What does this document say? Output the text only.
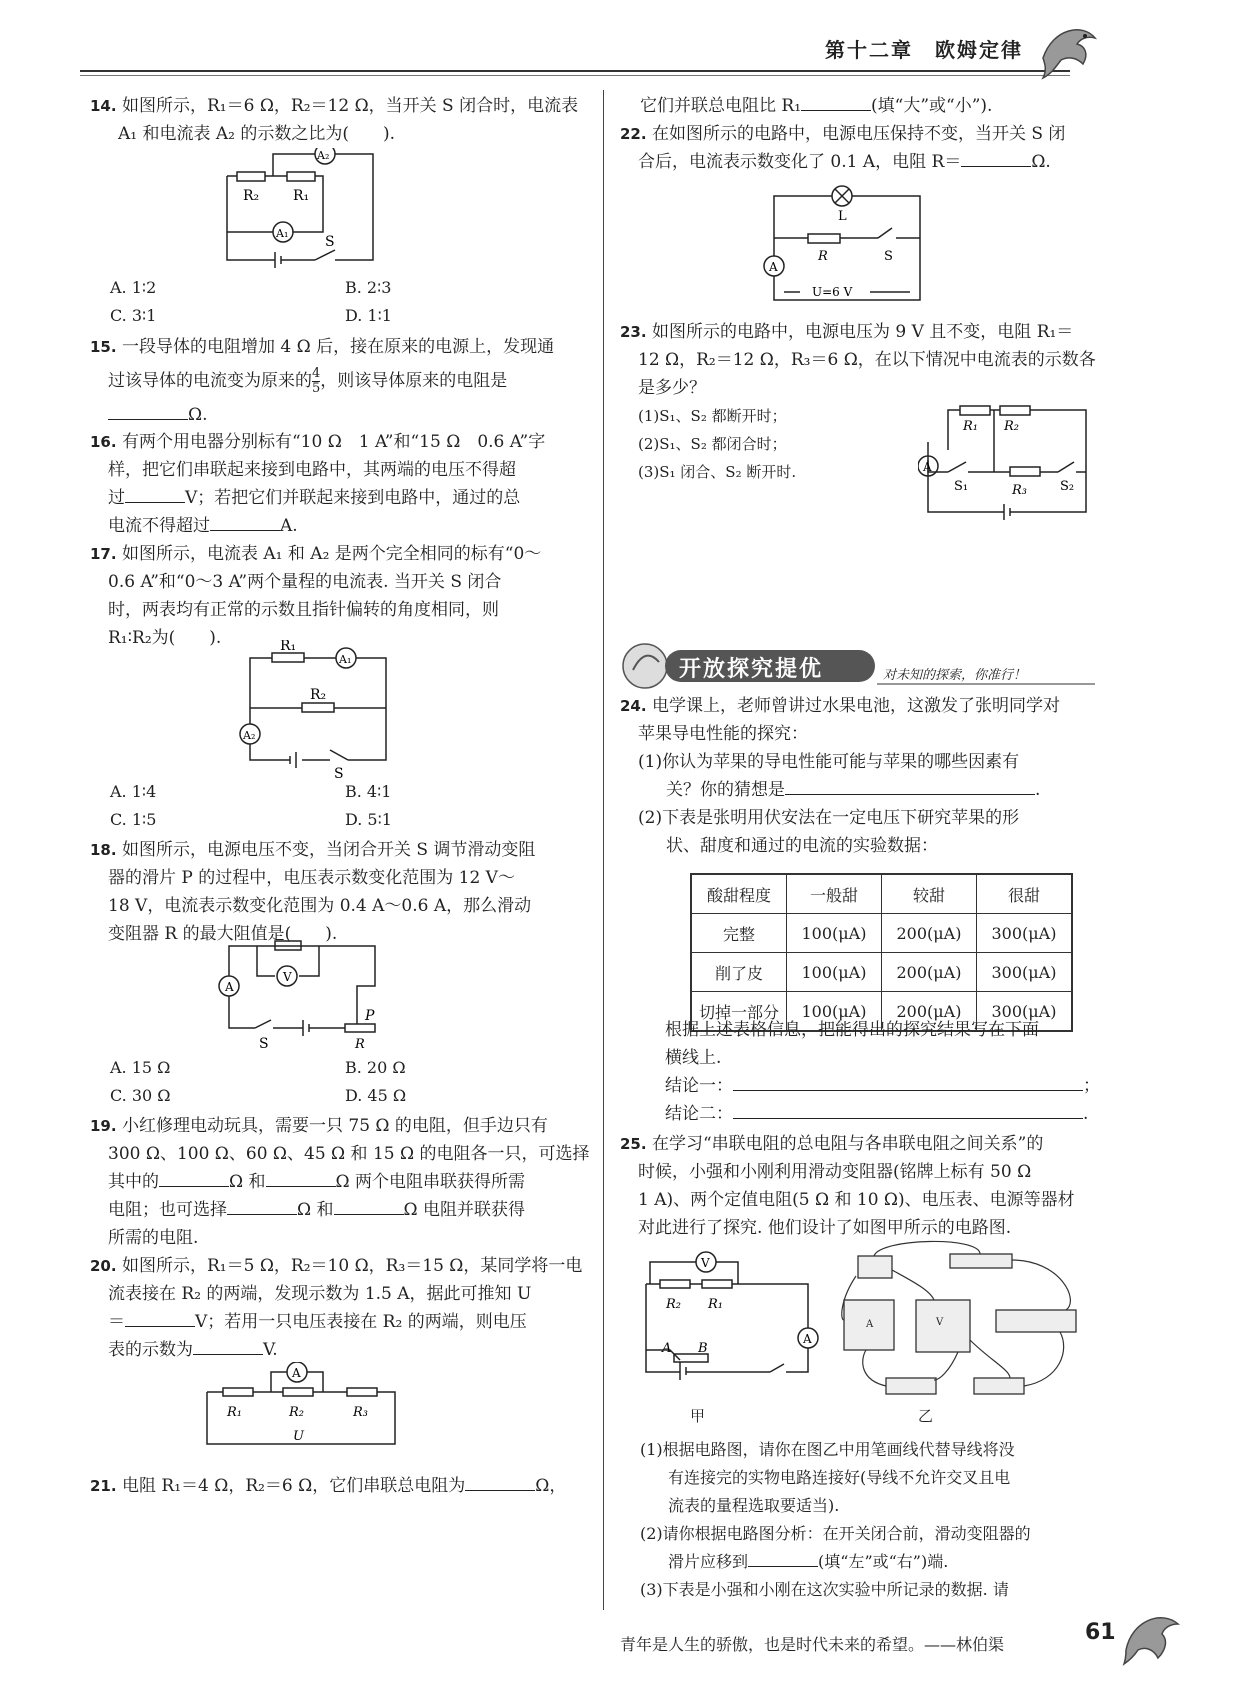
第十二章　欧姆定律
14. 如图所示，R₁＝6 Ω，R₂＝12 Ω，当开关 S 闭合时，电流表
A₁ 和电流表 A₂ 的示数之比为(　　).
R₂ R₁
A₂
A₁
S
A. 1∶2	B. 2∶3
C. 3∶1	D. 1∶1
15. 一段导体的电阻增加 4 Ω 后，接在原来的电源上，发现通
过该导体的电流变为原来的 $\frac{4}{5}$ ，则该导体原来的电阻是
Ω.
16. 有两个用电器分别标有“10 Ω　1 A”和“15 Ω　0.6 A”字
样，把它们串联起来接到电路中，其两端的电压不得超
过	V；若把它们并联起来接到电路中，通过的总
电流不得超过	A.
17. 如图所示，电流表 A₁ 和 A₂ 是两个完全相同的标有“0～
0.6 A”和“0～3 A”两个量程的电流表. 当开关 S 闭合
时，两表均有正常的示数且指针偏转的角度相同，则
R₁∶R₂为(　　).	R₁
R₂
A₁
A₂
S
A. 1∶4	B. 4∶1
C. 1∶5	D. 5∶1
18. 如图所示，电源电压不变，当闭合开关 S 调节滑动变阻
器的滑片 P 的过程中，电压表示数变化范围为 12 V～
18 V，电流表示数变化范围为 0.4 A～0.6 A，那么滑动
变阻器 R 的最大阻值是(　　).
A
V
P
R
S
A. 15 Ω	B. 20 Ω
C. 30 Ω	D. 45 Ω
19. 小红修理电动玩具，需要一只 75 Ω 的电阻，但手边只有
300 Ω、100 Ω、60 Ω、45 Ω 和 15 Ω 的电阻各一只，可选择
其中的	Ω 和	Ω 两个电阻串联获得所需
电阻；也可选择	Ω 和	Ω 电阻并联获得
所需的电阻.
20. 如图所示，R₁＝5 Ω，R₂＝10 Ω，R₃＝15 Ω，某同学将一电
流表接在 R₂ 的两端，发现示数为 1.5 A，据此可推知 U
＝	V；若用一只电压表接在 R₂ 的两端，则电压
表的示数为	V.
A
R₁	R₂	R₃
U
21. 电阻 R₁＝4 Ω，R₂＝6 Ω，它们串联总电阻为	Ω，
它们并联总电阻比 R₁	(填“大”或“小”).
22. 在如图所示的电路中，电源电压保持不变，当开关 S 闭
合后，电流表示数变化了 0.1 A，电阻 R＝	Ω.
L
R	S
A
U=6 V
23. 如图所示的电路中，电源电压为 9 V 且不变，电阻 R₁＝
12 Ω，R₂＝12 Ω，R₃＝6 Ω，在以下情况中电流表的示数各
是多少？
(1)S₁、S₂ 都断开时；
(2)S₁、S₂ 都闭合时；
(3)S₁ 闭合、S₂ 断开时.
R₁ R₂
R₃
S₁	S₂
A
开放探究提优	对未知的探索，你准行！
24. 电学课上，老师曾讲过水果电池，这激发了张明同学对
苹果导电性能的探究：
(1)你认为苹果的导电性能可能与苹果的哪些因素有
关？你的猜想是	.
(2)下表是张明用伏安法在一定电压下研究苹果的形
状、甜度和通过的电流的实验数据：
酸甜程度	一般甜	较甜	很甜
完整	100(μA)	200(μA)	300(μA)
削了皮	100(μA)	200(μA)	300(μA)
切掉一部分	100(μA)	200(μA)	300(μA)
根据上述表格信息，把能得出的探究结果写在下面
横线上.
结论一：	；
结论二：	.
25. 在学习“串联电阻的总电阻与各串联电阻之间关系”的
时候，小强和小刚利用滑动变阻器(铭牌上标有 50 Ω
1 A)、两个定值电阻(5 Ω 和 10 Ω)、电压表、电源等器材
对此进行了探究. 他们设计了如图甲所示的电路图.
V
R₂ R₁
A
A B
V
A
甲	乙
(1)根据电路图，请你在图乙中用笔画线代替导线将没
有连接完的实物电路连接好(导线不允许交叉且电
流表的量程选取要适当).
(2)请你根据电路图分析：在开关闭合前，滑动变阻器的
滑片应移到	(填“左”或“右”)端.
(3)下表是小强和小刚在这次实验中所记录的数据. 请
青年是人生的骄傲，也是时代未来的希望。——林伯渠	61
